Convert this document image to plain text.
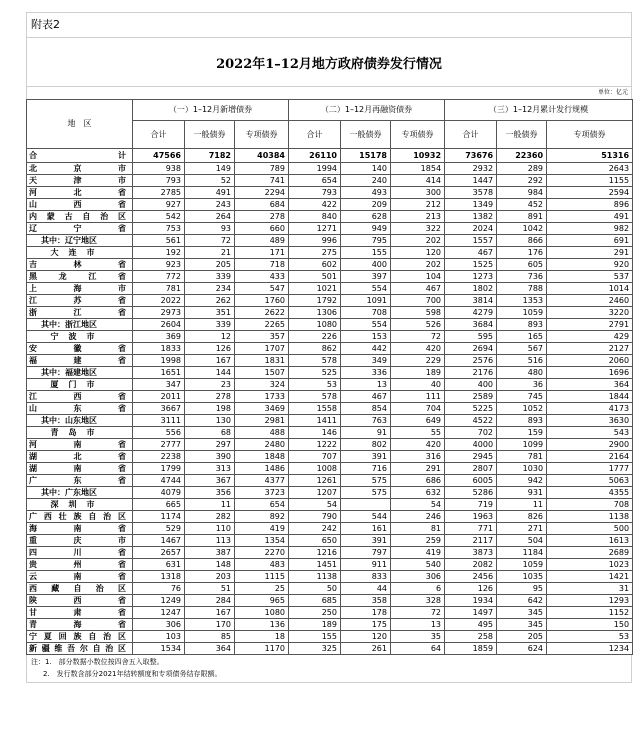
附表2
2022年1–12月地方政府债券发行情况
单位：亿元
地　区	（一）1–12月新增债券			（二）1–12月再融资债券			（三）1–12月累计发行规模		
	合计	一般债券	专项债券	合计	一般债券	专项债券	合计	一般债券	专项债券
合　　　　计	47566	7182	40384	26110	15178	10932	73676	22360	51316
北京市	938	149	789	1994	140	1854	2932	289	2643
天津市	793	52	741	654	240	414	1447	292	1155
河北省	2785	491	2294	793	493	300	3578	984	2594
山西省	927	243	684	422	209	212	1349	452	896
内蒙古自治区	542	264	278	840	628	213	1382	891	491
辽宁省	753	93	660	1271	949	322	2024	1042	982
其中：辽宁地区	561	72	489	996	795	202	1557	866	691
大连市	192	21	171	275	155	120	467	176	291
吉林省	923	205	718	602	400	202	1525	605	920
黑龙江省	772	339	433	501	397	104	1273	736	537
上海市	781	234	547	1021	554	467	1802	788	1014
江苏省	2022	262	1760	1792	1091	700	3814	1353	2460
浙江省	2973	351	2622	1306	708	598	4279	1059	3220
其中：浙江地区	2604	339	2265	1080	554	526	3684	893	2791
宁波市	369	12	357	226	153	72	595	165	429
安徽省	1833	126	1707	862	442	420	2694	567	2127
福建省	1998	167	1831	578	349	229	2576	516	2060
其中：福建地区	1651	144	1507	525	336	189	2176	480	1696
厦门市	347	23	324	53	13	40	400	36	364
江西省	2011	278	1733	578	467	111	2589	745	1844
山东省	3667	198	3469	1558	854	704	5225	1052	4173
其中：山东地区	3111	130	2981	1411	763	649	4522	893	3630
青岛市	556	68	488	146	91	55	702	159	543
河南省	2777	297	2480	1222	802	420	4000	1099	2900
湖北省	2238	390	1848	707	391	316	2945	781	2164
湖南省	1799	313	1486	1008	716	291	2807	1030	1777
广东省	4744	367	4377	1261	575	686	6005	942	5063
其中：广东地区	4079	356	3723	1207	575	632	5286	931	4355
深圳市	665	11	654	54		54	719	11	708
广西壮族自治区	1174	282	892	790	544	246	1963	826	1138
海南省	529	110	419	242	161	81	771	271	500
重庆市	1467	113	1354	650	391	259	2117	504	1613
四川省	2657	387	2270	1216	797	419	3873	1184	2689
贵州省	631	148	483	1451	911	540	2082	1059	1023
云南省	1318	203	1115	1138	833	306	2456	1035	1421
西藏自治区	76	51	25	50	44	6	126	95	31
陕西省	1249	284	965	685	358	328	1934	642	1293
甘肃省	1247	167	1080	250	178	72	1497	345	1152
青海省	306	170	136	189	175	13	495	345	150
宁夏回族自治区	103	85	18	155	120	35	258	205	53
新疆维吾尔自治区	1534	364	1170	325	261	64	1859	624	1234
注：1.　部分数据小数位按四舍五入取整。
2.　发行数含部分2021年结转额度和专项债务结存限额。
